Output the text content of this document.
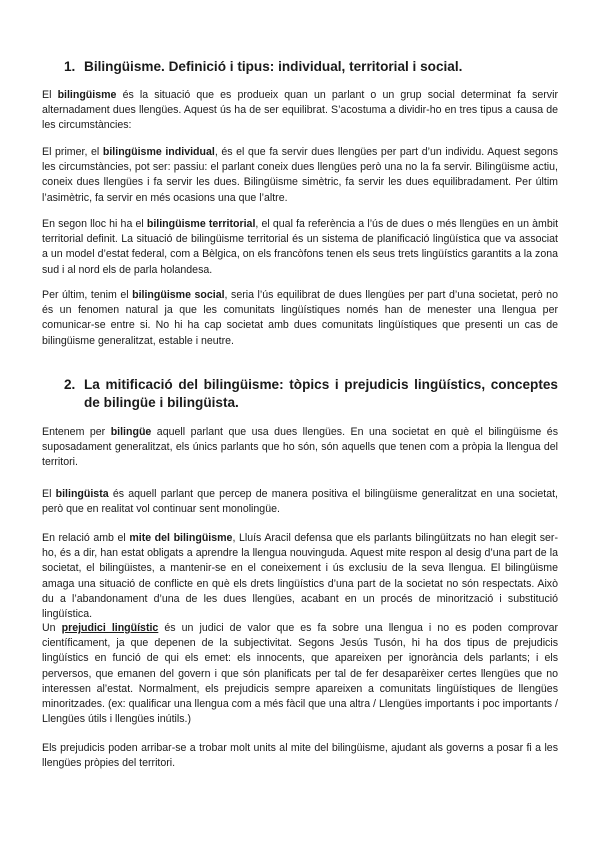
1. Bilingüisme. Definició i tipus: individual, territorial i social.

El bilingüisme és la situació que es produeix quan un parlant o un grup social determinat fa servir alternadament dues llengües. Aquest ús ha de ser equilibrat. S’acostuma a dividir-ho en tres tipus a causa de les circumstàncies:

El primer, el bilingüisme individual, és el que fa servir dues llengües per part d’un individu. Aquest segons les circumstàncies, pot ser: passiu: el parlant coneix dues llengües però una no la fa servir. Bilingüisme actiu, coneix dues llengües i fa servir les dues. Bilingüisme simètric, fa servir les dues equilibradament. Per últim l’asimètric, fa servir en més ocasions una que l’altre.

En segon lloc hi ha el bilingüisme territorial, el qual fa referència a l’ús de dues o més llengües en un àmbit territorial definit. La situació de bilingüisme territorial és un sistema de planificació lingüística que va associat a un model d’estat federal, com a Bèlgica, on els francòfons tenen els seus trets lingüístics garantits a la zona sud i al nord els de parla holandesa.

Per últim, tenim el bilingüisme social, seria l’ús equilibrat de dues llengües per part d’una societat, però no és un fenomen natural ja que les comunitats lingüístiques només han de menester una llengua per comunicar-se entre si. No hi ha cap societat amb dues comunitats lingüístiques que presenti un cas de bilingüisme generalitzat, estable i neutre.

2. La mitificació del bilingüisme: tòpics i prejudicis lingüístics, conceptes de bilingüe i bilingüista.

Entenem per bilingüe aquell parlant que usa dues llengües. En una societat en què el bilingüisme és suposadament generalitzat, els únics parlants que ho són, són aquells que tenen com a pròpia la llengua del territori.

El bilingüista és aquell parlant que percep de manera positiva el bilingüisme generalitzat en una societat, però que en realitat vol continuar sent monolingüe.

En relació amb el mite del bilingüisme, Lluís Aracil defensa que els parlants bilingüitzats no han elegit ser-ho, és a dir, han estat obligats a aprendre la llengua nouvinguda. Aquest mite respon al desig d’una part de la societat, el bilingüistes, a mantenir-se en el coneixement i ús exclusiu de la seva llengua. El bilingüisme amaga una situació de conflicte en què els drets lingüístics d’una part de la societat no són respectats. Això du a l’abandonament d’una de les dues llengües, acabant en un procés de minorització i substitució lingüística.

Un prejudici lingüístic és un judici de valor que es fa sobre una llengua i no es poden comprovar científicament, ja que depenen de la subjectivitat. Segons Jesús Tusón, hi ha dos tipus de prejudicis lingüístics en funció de qui els emet: els innocents, que apareixen per ignorància dels parlants; i els perversos, que emanen del govern i que són planificats per tal de fer desaparèixer certes llengües que no interessen al’estat. Normalment, els prejudicis sempre apareixen a comunitats lingüístiques de llengües minoritzades. (ex: qualificar una llengua com a més fàcil que una altra / Llengües importants i poc importants / Llengües útils i llengües inútils.)

Els prejudicis poden arribar-se a trobar molt units al mite del bilingüisme, ajudant als governs a posar fi a les llengües pròpies del territori.
